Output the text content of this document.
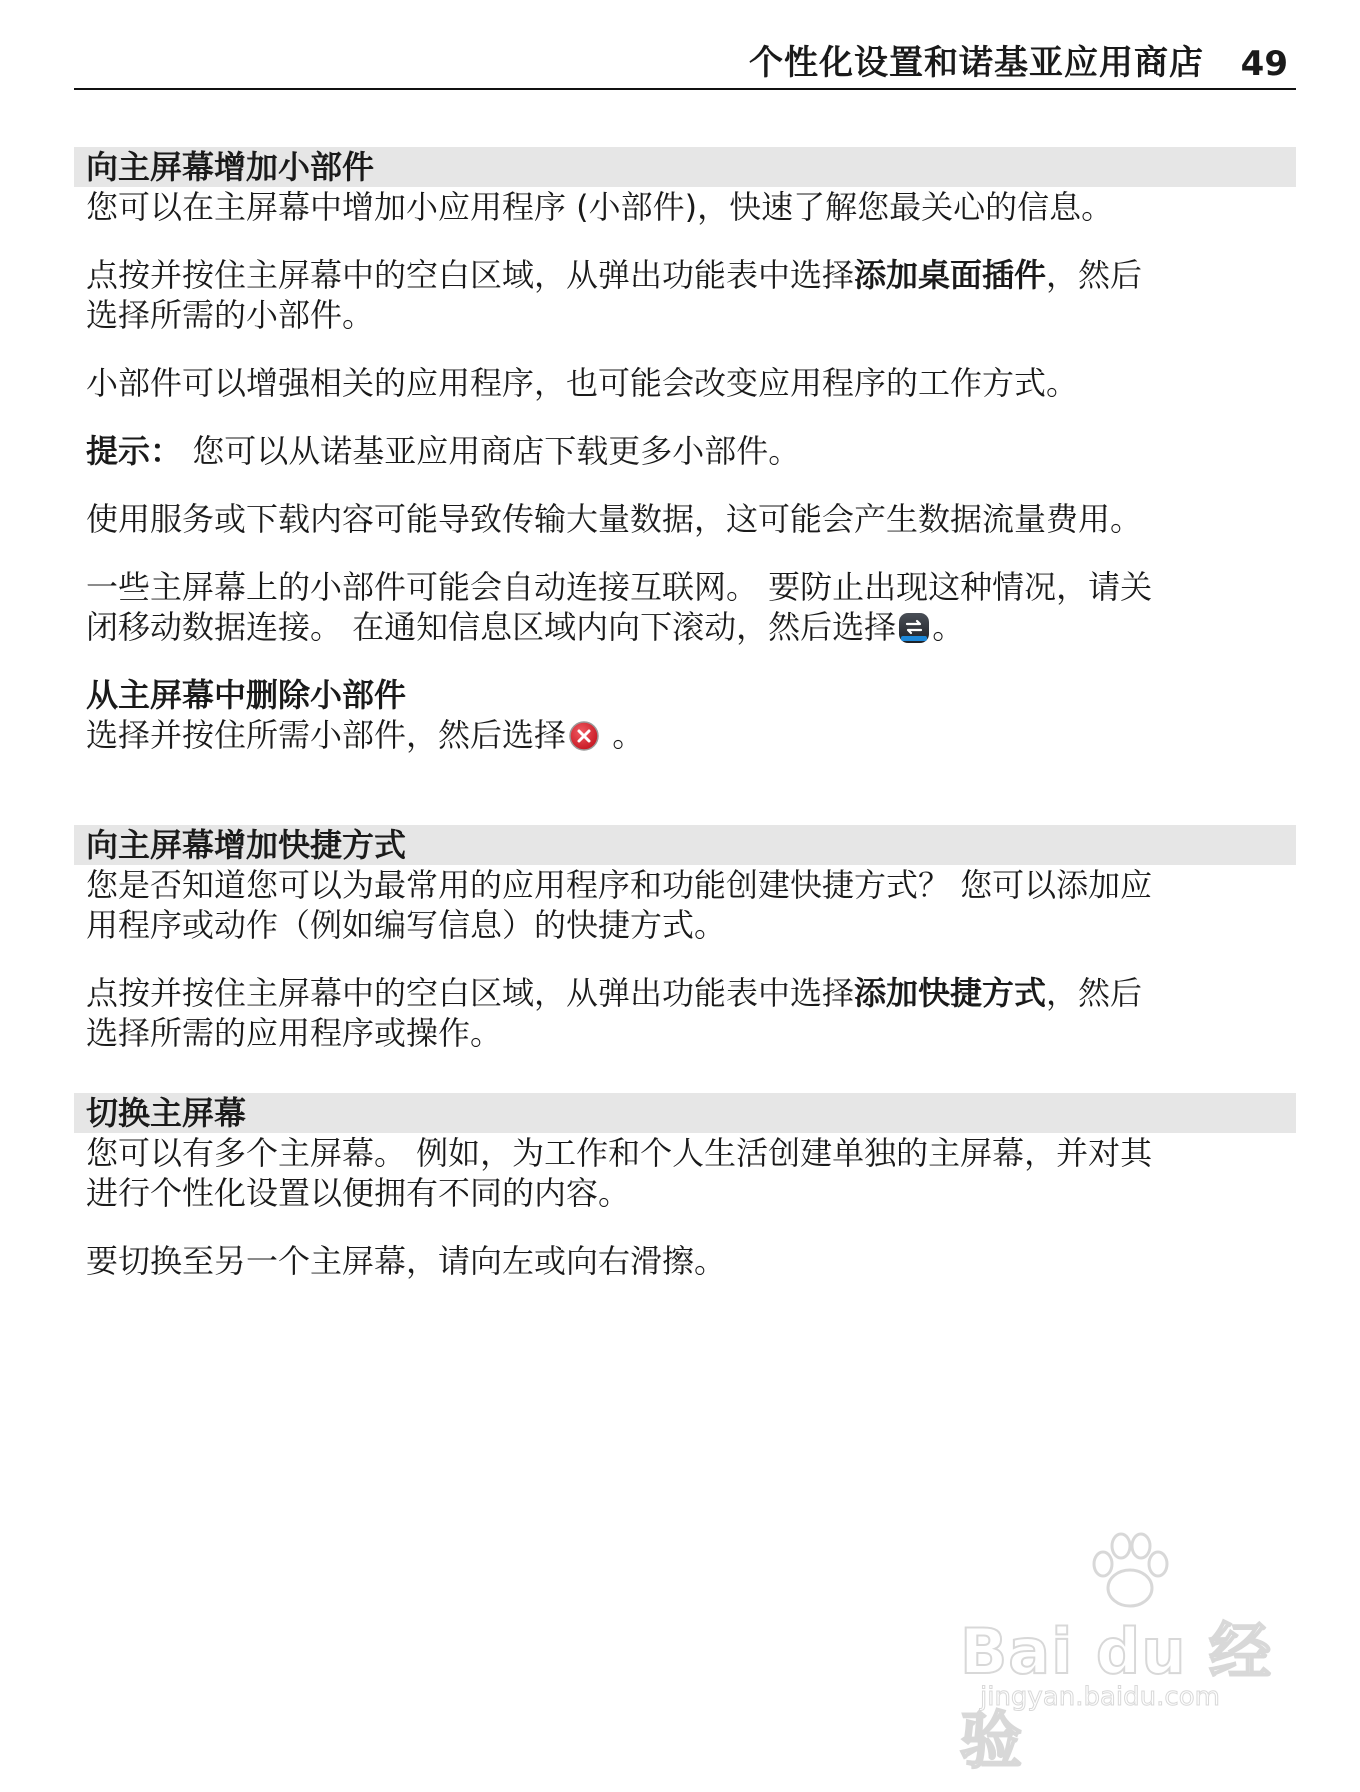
个性化设置和诺基亚应用商店 49
向主屏幕增加小部件

您可以在主屏幕中增加小应用程序 (小部件)，快速了解您最关心的信息。

点按并按住主屏幕中的空白区域，从弹出功能表中选择添加桌面插件，然后
选择所需的小部件。

小部件可以增强相关的应用程序，也可能会改变应用程序的工作方式。

提示： 您可以从诺基亚应用商店下载更多小部件。

使用服务或下载内容可能导致传输大量数据，这可能会产生数据流量费用。

一些主屏幕上的小部件可能会自动连接互联网。 要防止出现这种情况，请关
闭移动数据连接。 在通知信息区域内向下滚动，然后选择 。

从主屏幕中删除小部件

选择并按住所需小部件，然后选择 。

向主屏幕增加快捷方式

您是否知道您可以为最常用的应用程序和功能创建快捷方式？ 您可以添加应
用程序或动作（例如编写信息）的快捷方式。

点按并按住主屏幕中的空白区域，从弹出功能表中选择添加快捷方式，然后
选择所需的应用程序或操作。

切换主屏幕

您可以有多个主屏幕。 例如，为工作和个人生活创建单独的主屏幕，并对其
进行个性化设置以便拥有不同的内容。

要切换至另一个主屏幕，请向左或向右滑擦。

Bai du 经验
jingyan.baidu.com
